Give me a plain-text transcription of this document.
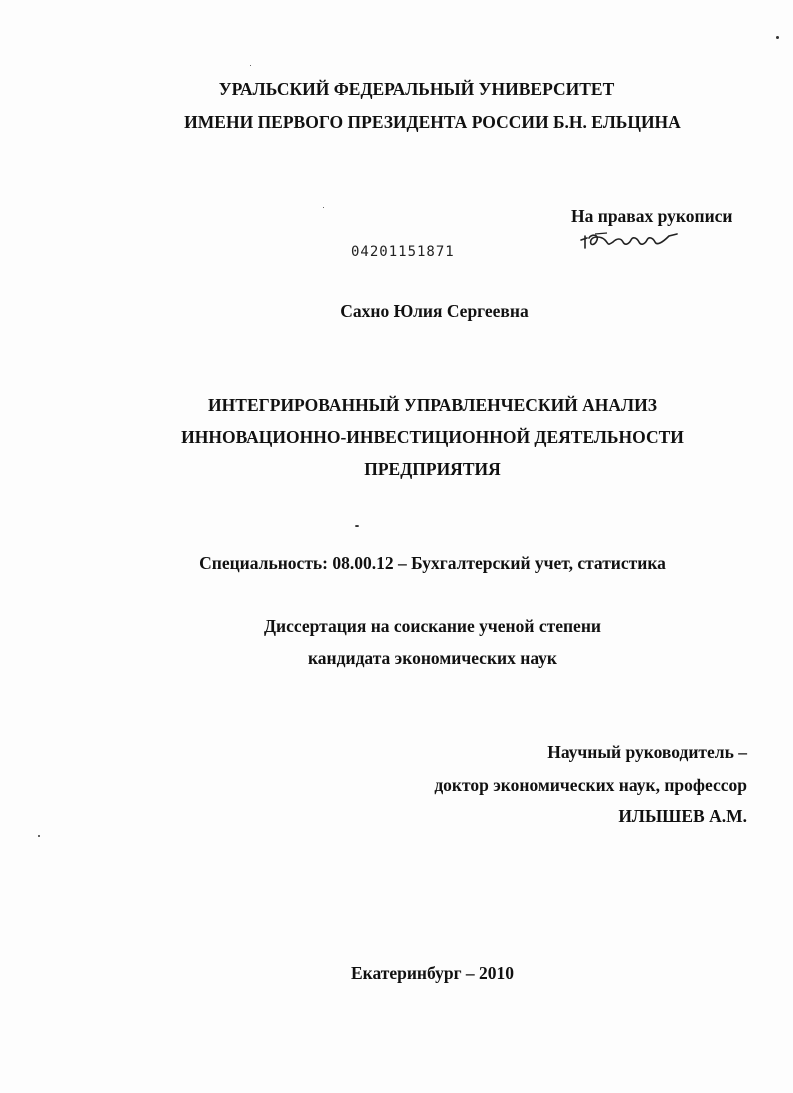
УРАЛЬСКИЙ ФЕДЕРАЛЬНЫЙ УНИВЕРСИТЕТ
ИМЕНИ ПЕРВОГО ПРЕЗИДЕНТА РОССИИ Б.Н. ЕЛЬЦИНА
На правах рукописи
04201151871
Сахно Юлия Сергеевна
ИНТЕГРИРОВАННЫЙ УПРАВЛЕНЧЕСКИЙ АНАЛИЗ
ИННОВАЦИОННО-ИНВЕСТИЦИОННОЙ ДЕЯТЕЛЬНОСТИ
ПРЕДПРИЯТИЯ
Специальность: 08.00.12 – Бухгалтерский учет, статистика
Диссертация на соискание ученой степени
кандидата экономических наук
Научный руководитель –
доктор экономических наук, профессор
ИЛЫШЕВ А.М.
Екатеринбург – 2010
